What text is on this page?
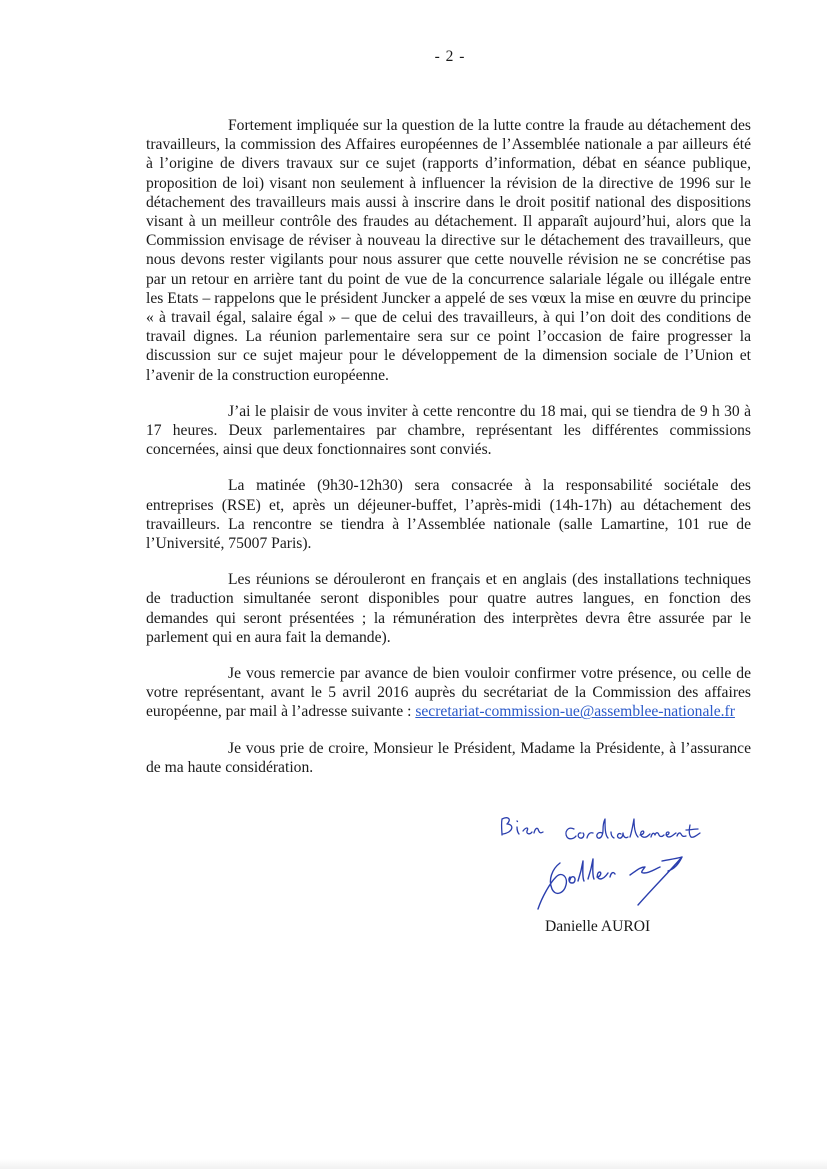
- 2 -

Fortement impliquée sur la question de la lutte contre la fraude au détachement des travailleurs, la commission des Affaires européennes de l’Assemblée nationale a par ailleurs été à l’origine de divers travaux sur ce sujet (rapports d’information, débat en séance publique, proposition de loi) visant non seulement à influencer la révision de la directive de 1996 sur le détachement des travailleurs mais aussi à inscrire dans le droit positif national des dispositions visant à un meilleur contrôle des fraudes au détachement. Il apparaît aujourd’hui, alors que la Commission envisage de réviser à nouveau la directive sur le détachement des travailleurs, que nous devons rester vigilants pour nous assurer que cette nouvelle révision ne se concrétise pas par un retour en arrière tant du point de vue de la concurrence salariale légale ou illégale entre les Etats – rappelons que le président Juncker a appelé de ses vœux la mise en œuvre du principe « à travail égal, salaire égal » – que de celui des travailleurs, à qui l’on doit des conditions de travail dignes. La réunion parlementaire sera sur ce point l’occasion de faire progresser la discussion sur ce sujet majeur pour le développement de la dimension sociale de l’Union et l’avenir de la construction européenne.

J’ai le plaisir de vous inviter à cette rencontre du 18 mai, qui se tiendra de 9 h 30 à 17 heures. Deux parlementaires par chambre, représentant les différentes commissions concernées, ainsi que deux fonctionnaires sont conviés.

La matinée (9h30-12h30) sera consacrée à la responsabilité sociétale des entreprises (RSE) et, après un déjeuner-buffet, l’après-midi (14h-17h) au détachement des travailleurs. La rencontre se tiendra à l’Assemblée nationale (salle Lamartine, 101 rue de l’Université, 75007 Paris).

Les réunions se dérouleront en français et en anglais (des installations techniques de traduction simultanée seront disponibles pour quatre autres langues, en fonction des demandes qui seront présentées ; la rémunération des interprètes devra être assurée par le parlement qui en aura fait la demande).

Je vous remercie par avance de bien vouloir confirmer votre présence, ou celle de votre représentant, avant le 5 avril 2016 auprès du secrétariat de la Commission des affaires européenne, par mail à l’adresse suivante : secretariat-commission-ue@assemblee-nationale.fr

Je vous prie de croire, Monsieur le Président, Madame la Présidente, à l’assurance de ma haute considération.

Danielle AUROI
